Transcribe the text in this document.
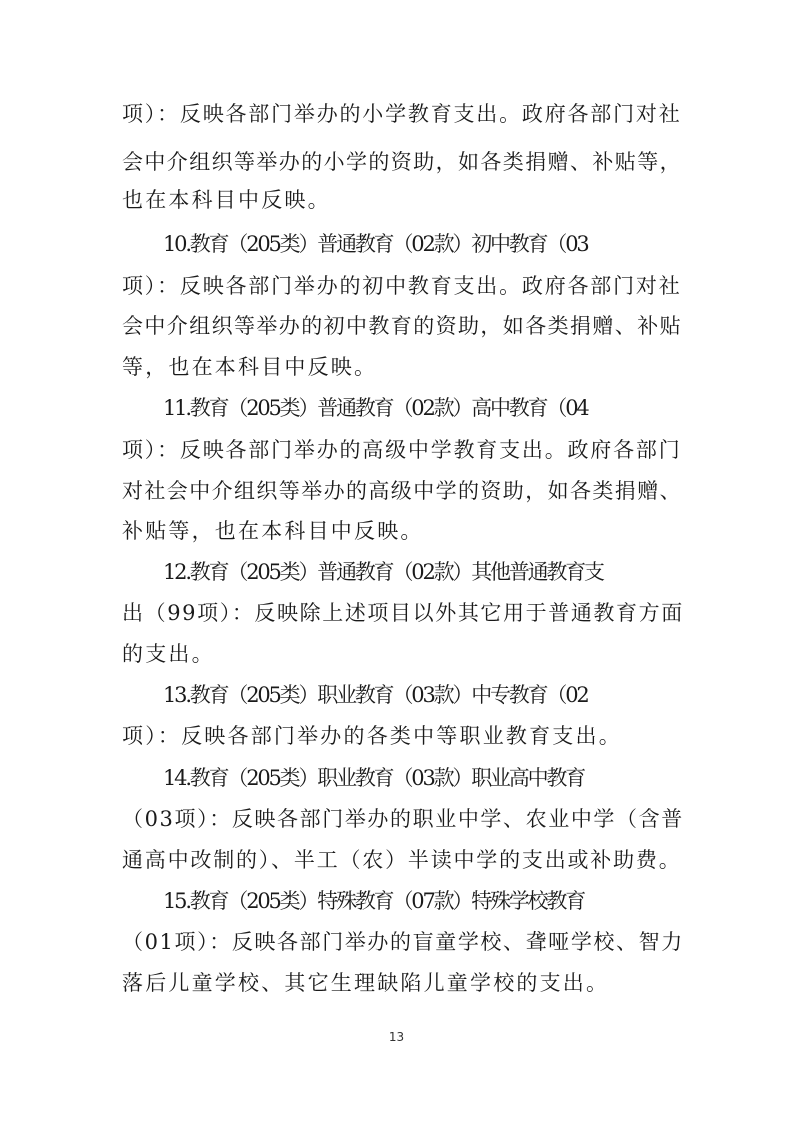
项）：反映各部门举办的小学教育支出。政府各部门对社
会中介组织等举办的小学的资助，如各类捐赠、补贴等，
也在本科目中反映。
10.教育（205类）普通教育（02款）初中教育（03
项）：反映各部门举办的初中教育支出。政府各部门对社
会中介组织等举办的初中教育的资助，如各类捐赠、补贴
等，也在本科目中反映。
11.教育（205类）普通教育（02款）高中教育（04
项）：反映各部门举办的高级中学教育支出。政府各部门
对社会中介组织等举办的高级中学的资助，如各类捐赠、
补贴等，也在本科目中反映。
12.教育（205类）普通教育（02款）其他普通教育支
出（99项）：反映除上述项目以外其它用于普通教育方面
的支出。
13.教育（205类）职业教育（03款）中专教育（02
项）：反映各部门举办的各类中等职业教育支出。
14.教育（205类）职业教育（03款）职业高中教育
（03项）：反映各部门举办的职业中学、农业中学（含普
通高中改制的）、半工（农）半读中学的支出或补助费。
15.教育（205类）特殊教育（07款）特殊学校教育
（01项）：反映各部门举办的盲童学校、聋哑学校、智力
落后儿童学校、其它生理缺陷儿童学校的支出。
13
